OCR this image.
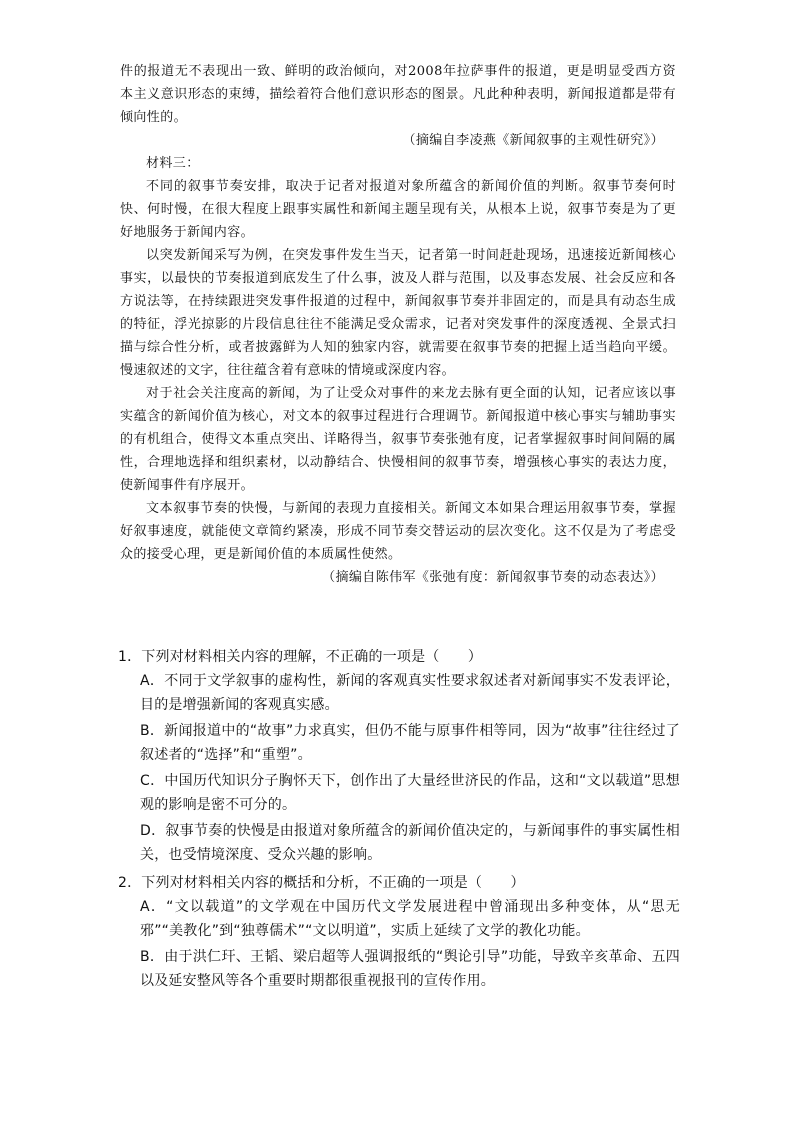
件的报道无不表现出一致、鲜明的政治倾向，对2008年拉萨事件的报道，更是明显受西方资本主义意识形态的束缚，描绘着符合他们意识形态的图景。凡此种种表明，新闻报道都是带有倾向性的。

（摘编自李凌燕《新闻叙事的主观性研究》）

材料三：

不同的叙事节奏安排，取决于记者对报道对象所蕴含的新闻价值的判断。叙事节奏何时快、何时慢，在很大程度上跟事实属性和新闻主题呈现有关，从根本上说，叙事节奏是为了更好地服务于新闻内容。

以突发新闻采写为例，在突发事件发生当天，记者第一时间赶赴现场，迅速接近新闻核心事实，以最快的节奏报道到底发生了什么事，波及人群与范围，以及事态发展、社会反应和各方说法等，在持续跟进突发事件报道的过程中，新闻叙事节奏并非固定的，而是具有动态生成的特征，浮光掠影的片段信息往往不能满足受众需求，记者对突发事件的深度透视、全景式扫描与综合性分析，或者披露鲜为人知的独家内容，就需要在叙事节奏的把握上适当趋向平缓。慢速叙述的文字，往往蕴含着有意味的情境或深度内容。

对于社会关注度高的新闻，为了让受众对事件的来龙去脉有更全面的认知，记者应该以事实蕴含的新闻价值为核心，对文本的叙事过程进行合理调节。新闻报道中核心事实与辅助事实的有机组合，使得文本重点突出、详略得当，叙事节奏张弛有度，记者掌握叙事时间间隔的属性，合理地选择和组织素材，以动静结合、快慢相间的叙事节奏，增强核心事实的表达力度，使新闻事件有序展开。

文本叙事节奏的快慢，与新闻的表现力直接相关。新闻文本如果合理运用叙事节奏，掌握好叙事速度，就能使文章简约紧凑，形成不同节奏交替运动的层次变化。这不仅是为了考虑受众的接受心理，更是新闻价值的本质属性使然。

（摘编自陈伟军《张弛有度：新闻叙事节奏的动态表达》）

1．下列对材料相关内容的理解，不正确的一项是（　　）

A．不同于文学叙事的虚构性，新闻的客观真实性要求叙述者对新闻事实不发表评论，目的是增强新闻的客观真实感。

B．新闻报道中的“故事”力求真实，但仍不能与原事件相等同，因为“故事”往往经过了叙述者的“选择”和“重塑”。

C．中国历代知识分子胸怀天下，创作出了大量经世济民的作品，这和“文以载道”思想观的影响是密不可分的。

D．叙事节奏的快慢是由报道对象所蕴含的新闻价值决定的，与新闻事件的事实属性相关，也受情境深度、受众兴趣的影响。

2．下列对材料相关内容的概括和分析，不正确的一项是（　　）

A．“文以载道”的文学观在中国历代文学发展进程中曾涌现出多种变体，从“思无邪”“美教化”到“独尊儒术”“文以明道”，实质上延续了文学的教化功能。

B．由于洪仁玕、王韬、梁启超等人强调报纸的“舆论引导”功能，导致辛亥革命、五四以及延安整风等各个重要时期都很重视报刊的宣传作用。
